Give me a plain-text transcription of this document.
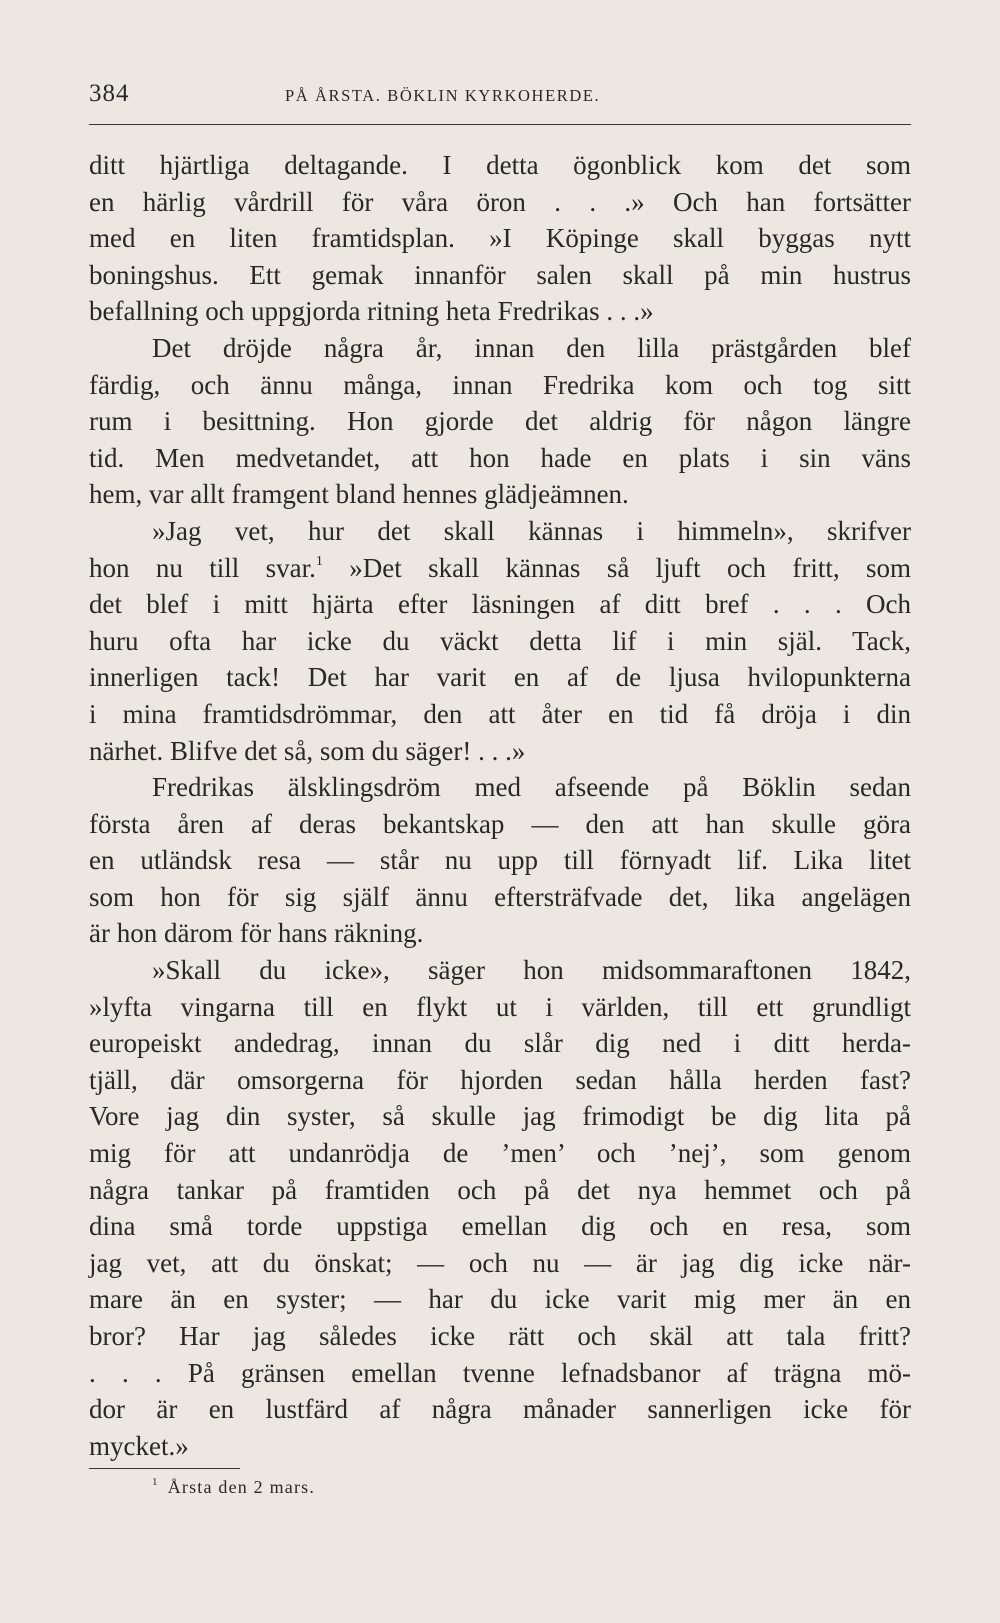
384	PÅ ÅRSTA. BÖKLIN KYRKOHERDE.
ditt hjärtliga deltagande. I detta ögonblick kom det som
en härlig vårdrill för våra öron . . .» Och han fortsätter
med en liten framtidsplan. »I Köpinge skall byggas nytt
boningshus. Ett gemak innanför salen skall på min hustrus
befallning och uppgjorda ritning heta Fredrikas . . .»
Det dröjde några år, innan den lilla prästgården blef
färdig, och ännu många, innan Fredrika kom och tog sitt
rum i besittning. Hon gjorde det aldrig för någon längre
tid. Men medvetandet, att hon hade en plats i sin väns
hem, var allt framgent bland hennes glädjeämnen.
»Jag vet, hur det skall kännas i himmeln», skrifver
hon nu till svar.$^1$ »Det skall kännas så ljuft och fritt, som
det blef i mitt hjärta efter läsningen af ditt bref . . . Och
huru ofta har icke du väckt detta lif i min själ. Tack,
innerligen tack! Det har varit en af de ljusa hvilopunkterna
i mina framtidsdrömmar, den att åter en tid få dröja i din
närhet. Blifve det så, som du säger! . . .»
Fredrikas älsklingsdröm med afseende på Böklin sedan
första åren af deras bekantskap — den att han skulle göra
en utländsk resa — står nu upp till förnyadt lif. Lika litet
som hon för sig själf ännu eftersträfvade det, lika angelägen
är hon därom för hans räkning.
»Skall du icke», säger hon midsommaraftonen 1842,
»lyfta vingarna till en flykt ut i världen, till ett grundligt
europeiskt andedrag, innan du slår dig ned i ditt herda-
tjäll, där omsorgerna för hjorden sedan hålla herden fast?
Vore jag din syster, så skulle jag frimodigt be dig lita på
mig för att undanrödja de ’men’ och ’nej’, som genom
några tankar på framtiden och på det nya hemmet och på
dina små torde uppstiga emellan dig och en resa, som
jag vet, att du önskat; — och nu — är jag dig icke när-
mare än en syster; — har du icke varit mig mer än en
bror? Har jag således icke rätt och skäl att tala fritt?
. . . På gränsen emellan tvenne lefnadsbanor af trägna mö-
dor är en lustfärd af några månader sannerligen icke för
mycket.»
$^1$ Årsta den 2 mars.
